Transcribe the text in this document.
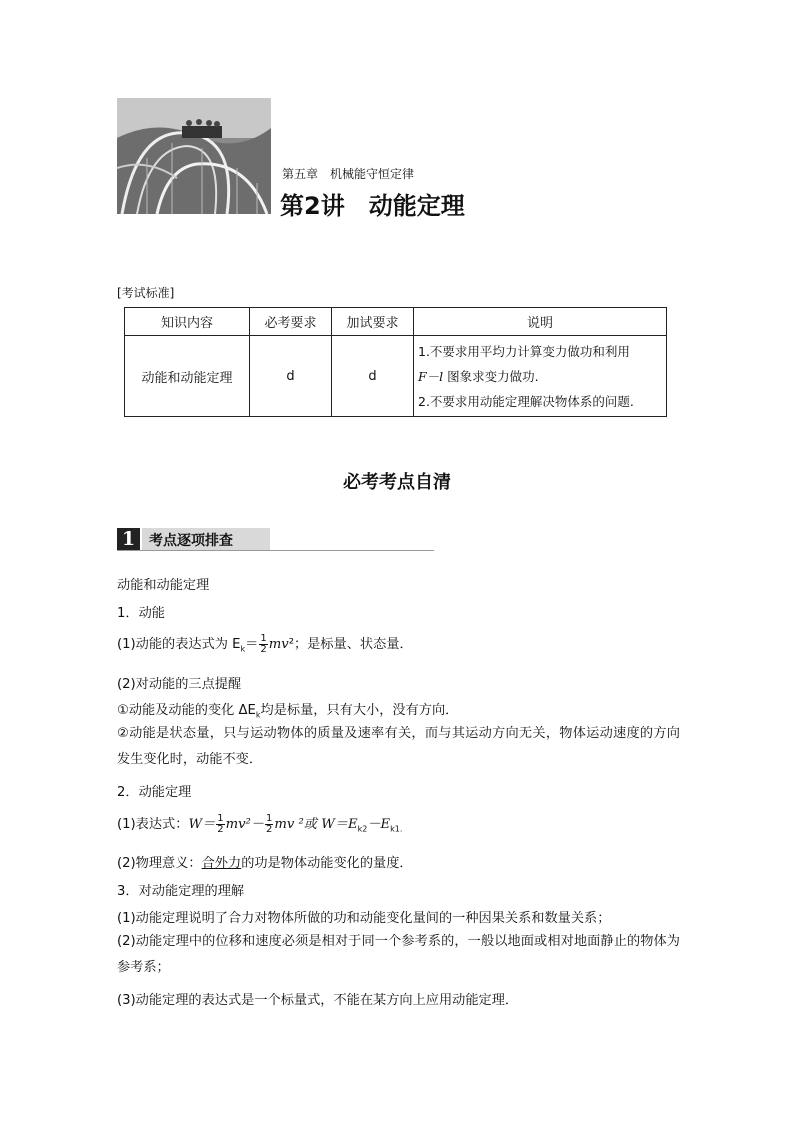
第五章　机械能守恒定律
第2讲　动能定理
[考试标准]
知识内容	必考要求	加试要求	说明
动能和动能定理	d	d	1.不要求用平均力计算变力做功和利用
F－l 图象求变力做功.
2.不要求用动能定理解决物体系的问题.
必考考点自清
1 考点逐项排查
动能和动能定理
1．动能
(1)动能的表达式为 $E_k= \frac{1}{2} mv^2$；是标量、状态量．
(2)对动能的三点提醒
①动能及动能的变化 $\Delta E_k$均是标量，只有大小，没有方向．
②动能是状态量，只与运动物体的质量及速率有关，而与其运动方向无关，物体运动速度的方向发生变化时，动能不变．
2．动能定理
(1)表达式：$W= \frac{1}{2} mv^2- \frac{1}{2}$ mv ²或 $W=E_{k2}-E_{k1.}$
(2)物理意义：合外力的功是物体动能变化的量度．
3．对动能定理的理解
(1)动能定理说明了合力对物体所做的功和动能变化量间的一种因果关系和数量关系；
(2)动能定理中的位移和速度必须是相对于同一个参考系的，一般以地面或相对地面静止的物体为参考系；
(3)动能定理的表达式是一个标量式，不能在某方向上应用动能定理．
